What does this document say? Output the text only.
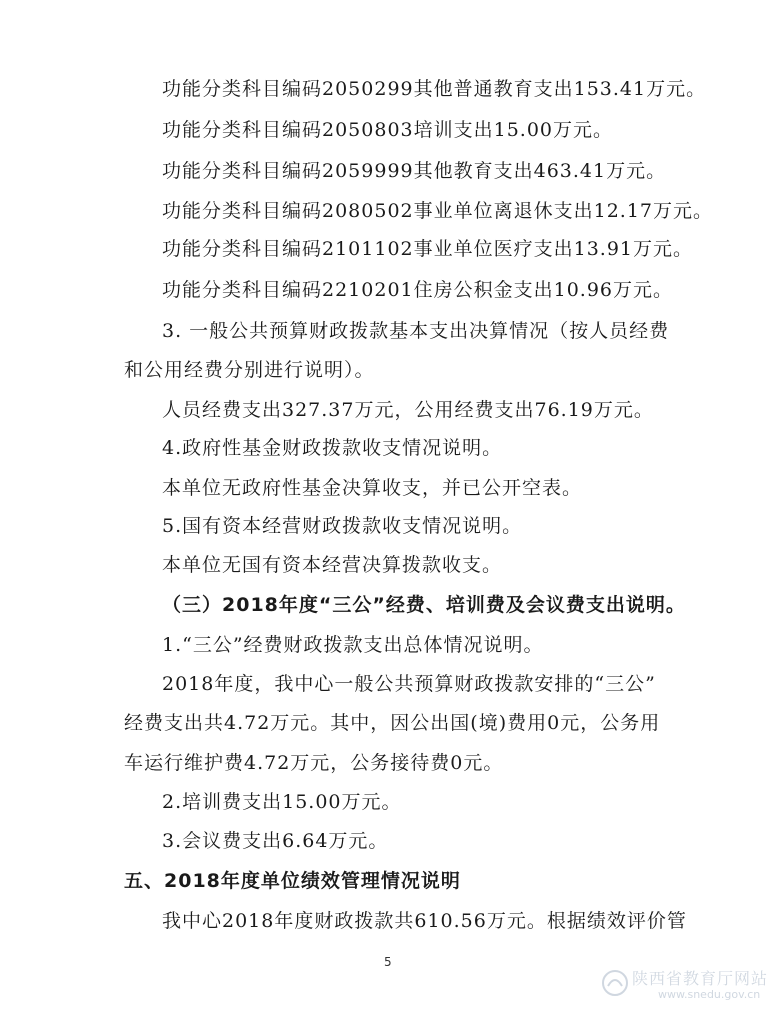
功能分类科目编码2050299其他普通教育支出153.41万元。
功能分类科目编码2050803培训支出15.00万元。
功能分类科目编码2059999其他教育支出463.41万元。
功能分类科目编码2080502事业单位离退休支出12.17万元。
功能分类科目编码2101102事业单位医疗支出13.91万元。
功能分类科目编码2210201住房公积金支出10.96万元。
3. 一般公共预算财政拨款基本支出决算情况（按人员经费
和公用经费分别进行说明）。
人员经费支出327.37万元，公用经费支出76.19万元。
4.政府性基金财政拨款收支情况说明。
本单位无政府性基金决算收支，并已公开空表。
5.国有资本经营财政拨款收支情况说明。
本单位无国有资本经营决算拨款收支。
（三）2018年度“三公”经费、培训费及会议费支出说明。
1.“三公”经费财政拨款支出总体情况说明。
2018年度，我中心一般公共预算财政拨款安排的“三公”
经费支出共4.72万元。其中，因公出国(境)费用0元，公务用
车运行维护费4.72万元，公务接待费0元。
2.培训费支出15.00万元。
3.会议费支出6.64万元。
五、2018年度单位绩效管理情况说明
我中心2018年度财政拨款共610.56万元。根据绩效评价管
5
陕西省教育厅网站
www.snedu.gov.cn
